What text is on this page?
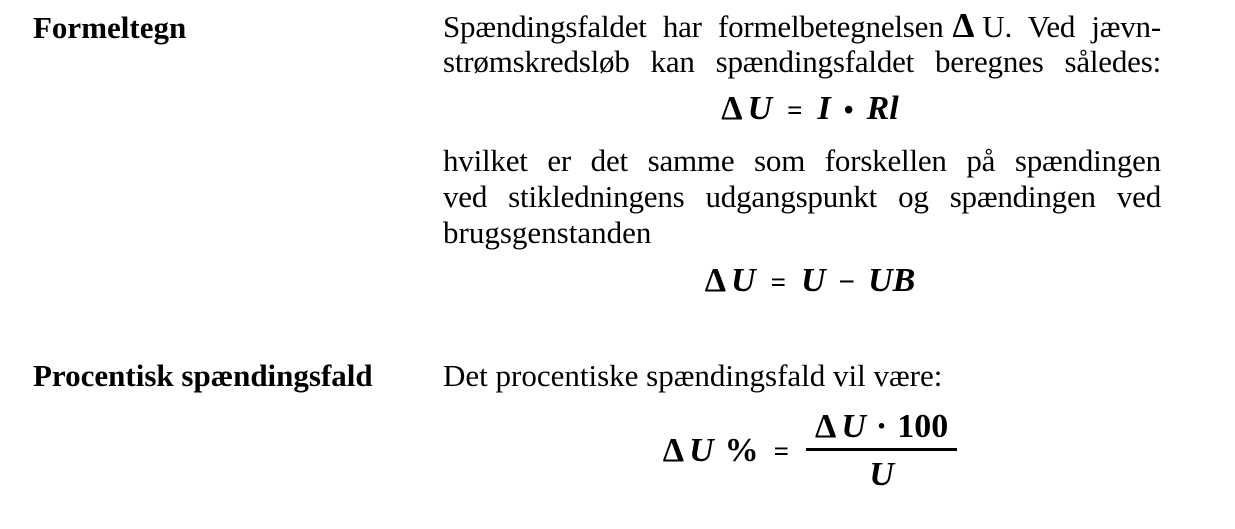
Formeltegn
Procentisk spændingsfald
Spændingsfaldet har formelbetegnelsen Δ U. Ved jævn-
strømskredsløb kan spændingsfaldet beregnes således:
Δ U = I • Rl
hvilket er det samme som forskellen på spændingen
ved stikledningens udgangspunkt og spændingen ved
brugsgenstanden
Δ U = U − UB
Det procentiske spændingsfald vil være:
Δ U % = $\frac{\text{Δ U · 100}}{U}$
